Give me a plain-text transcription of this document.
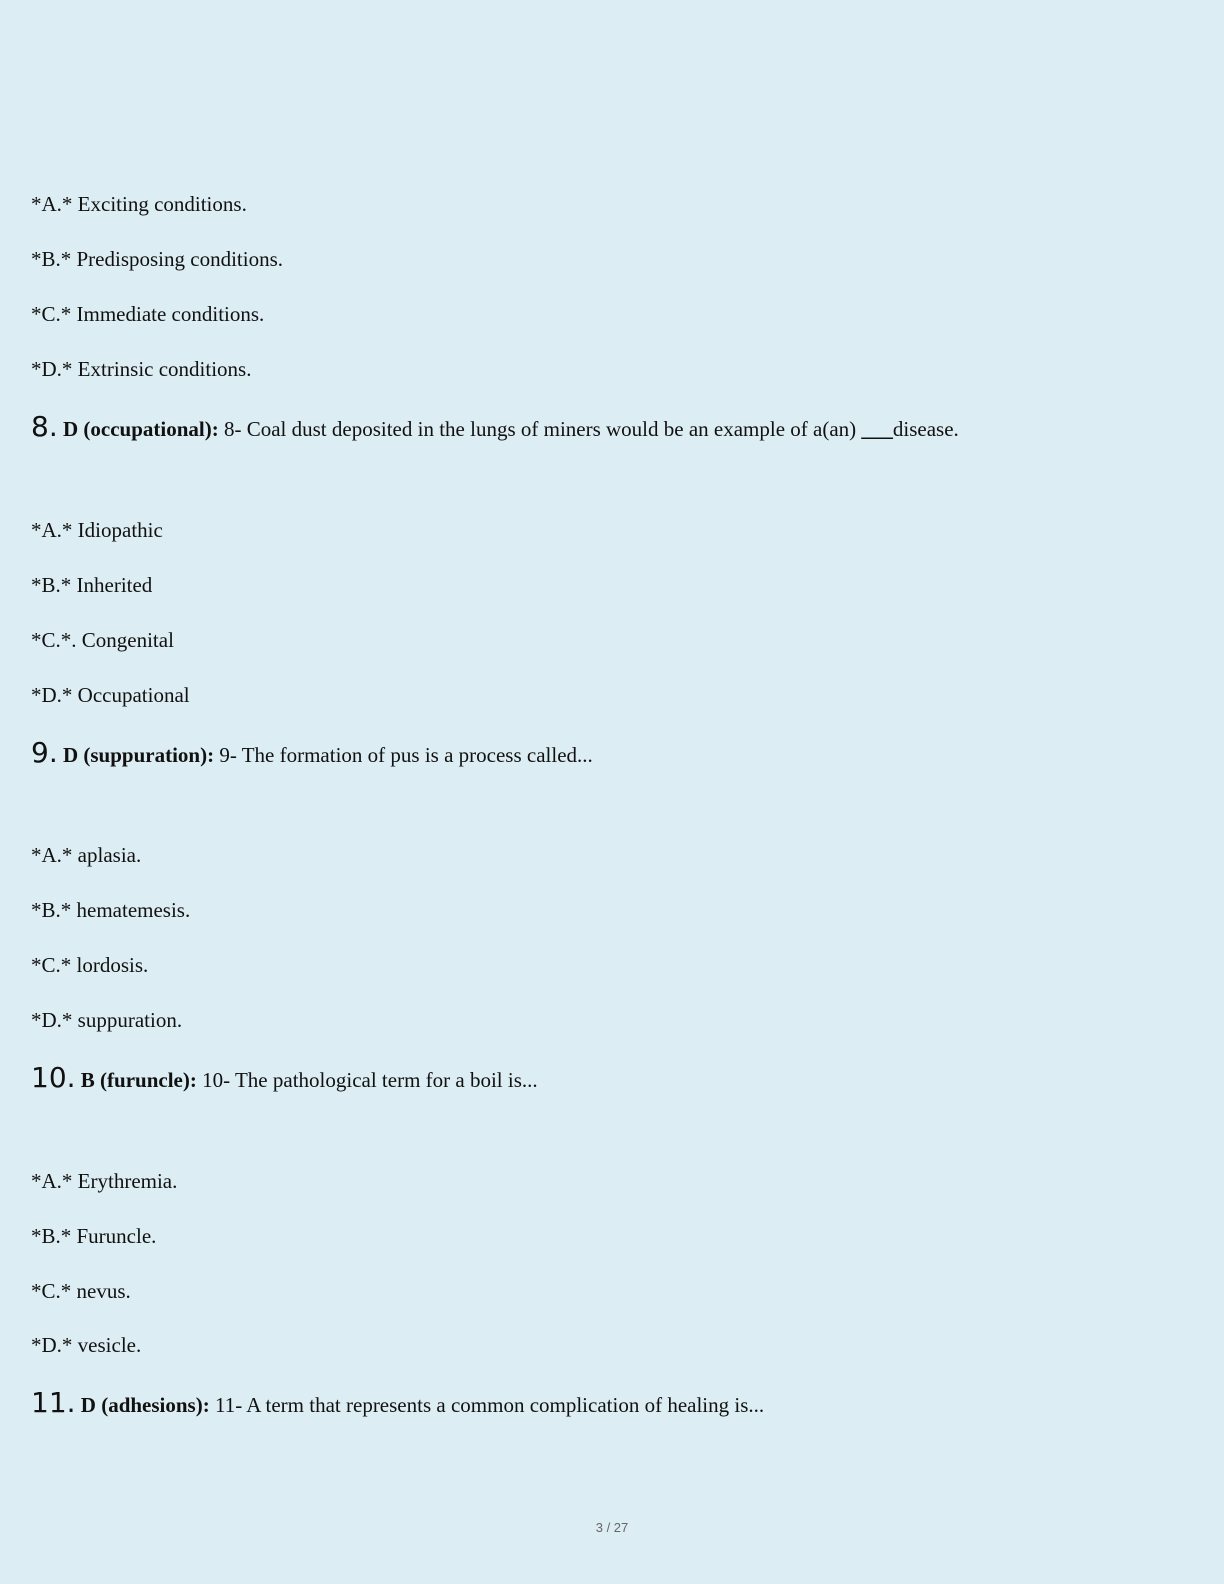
*A.* Exciting conditions.
*B.* Predisposing conditions.
*C.* Immediate conditions.
*D.* Extrinsic conditions.
8. D (occupational): 8- Coal dust deposited in the lungs of miners would be an example of a(an) ___disease.
*A.* Idiopathic
*B.* Inherited
*C.*. Congenital
*D.* Occupational
9. D (suppuration): 9- The formation of pus is a process called...
*A.* aplasia.
*B.* hematemesis.
*C.* lordosis.
*D.* suppuration.
10. B (furuncle): 10- The pathological term for a boil is...
*A.* Erythremia.
*B.* Furuncle.
*C.* nevus.
*D.* vesicle.
11. D (adhesions): 11- A term that represents a common complication of healing is...
3 / 27
